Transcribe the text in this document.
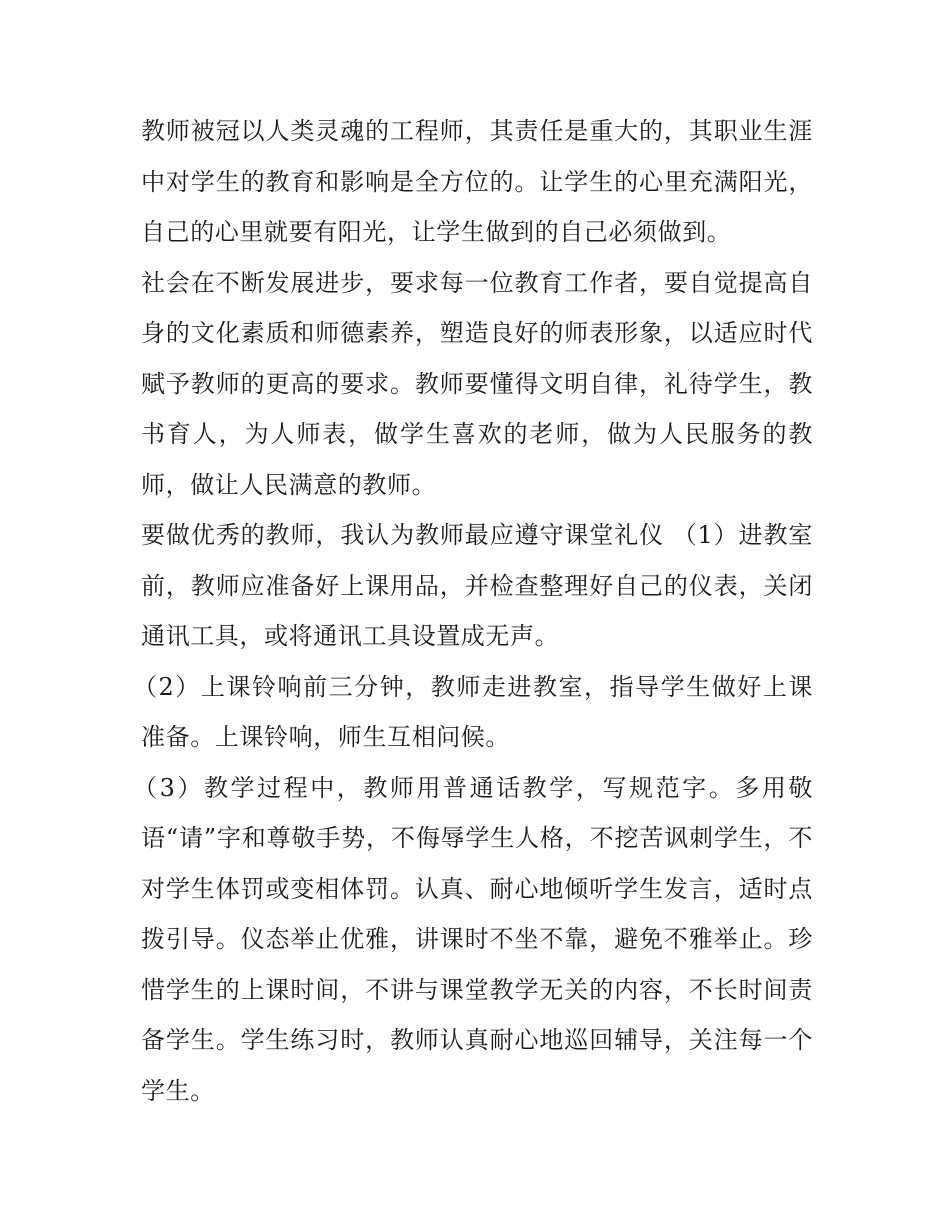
教师被冠以人类灵魂的工程师，其责任是重大的，其职业生涯中对学生的教育和影响是全方位的。让学生的心里充满阳光，自己的心里就要有阳光，让学生做到的自己必须做到。

社会在不断发展进步，要求每一位教育工作者，要自觉提高自身的文化素质和师德素养，塑造良好的师表形象，以适应时代赋予教师的更高的要求。教师要懂得文明自律，礼待学生，教书育人，为人师表，做学生喜欢的老师，做为人民服务的教师，做让人民满意的教师。

要做优秀的教师，我认为教师最应遵守课堂礼仪 （1）进教室前，教师应准备好上课用品，并检查整理好自己的仪表，关闭通讯工具，或将通讯工具设置成无声。

（2）上课铃响前三分钟，教师走进教室，指导学生做好上课准备。上课铃响，师生互相问候。

（3）教学过程中，教师用普通话教学，写规范字。多用敬语“请”字和尊敬手势，不侮辱学生人格，不挖苦讽刺学生，不对学生体罚或变相体罚。认真、耐心地倾听学生发言，适时点拨引导。仪态举止优雅，讲课时不坐不靠，避免不雅举止。珍惜学生的上课时间，不讲与课堂教学无关的内容，不长时间责备学生。学生练习时，教师认真耐心地巡回辅导，关注每一个学生。
